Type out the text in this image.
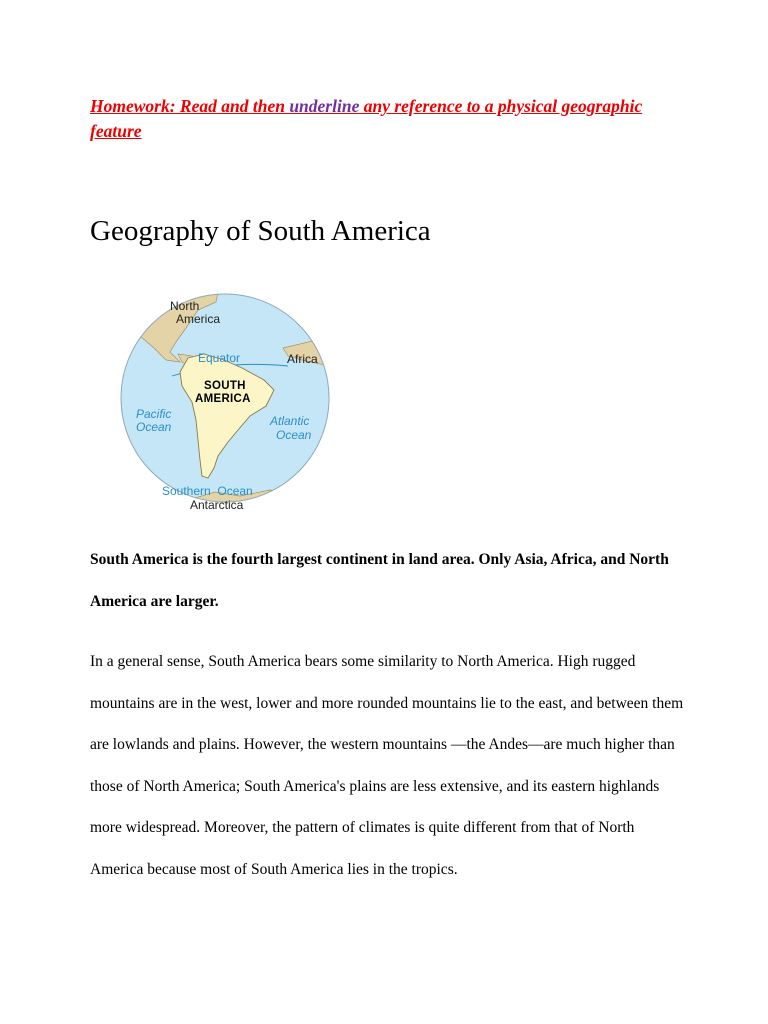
Homework: Read and then underline any reference to a physical geographic feature
Geography of South America
North
America
Africa
Equator
SOUTH
AMERICA
Pacific
Ocean	Atlantic
Ocean
Southern  Ocean
Antarctica

South America is the fourth largest continent in land area. Only Asia, Africa, and North America are larger.

In a general sense, South America bears some similarity to North America. High rugged mountains are in the west, lower and more rounded mountains lie to the east, and between them are lowlands and plains. However, the western mountains —the Andes—are much higher than those of North America; South America's plains are less extensive, and its eastern highlands more widespread. Moreover, the pattern of climates is quite different from that of North America because most of South America lies in the tropics.
